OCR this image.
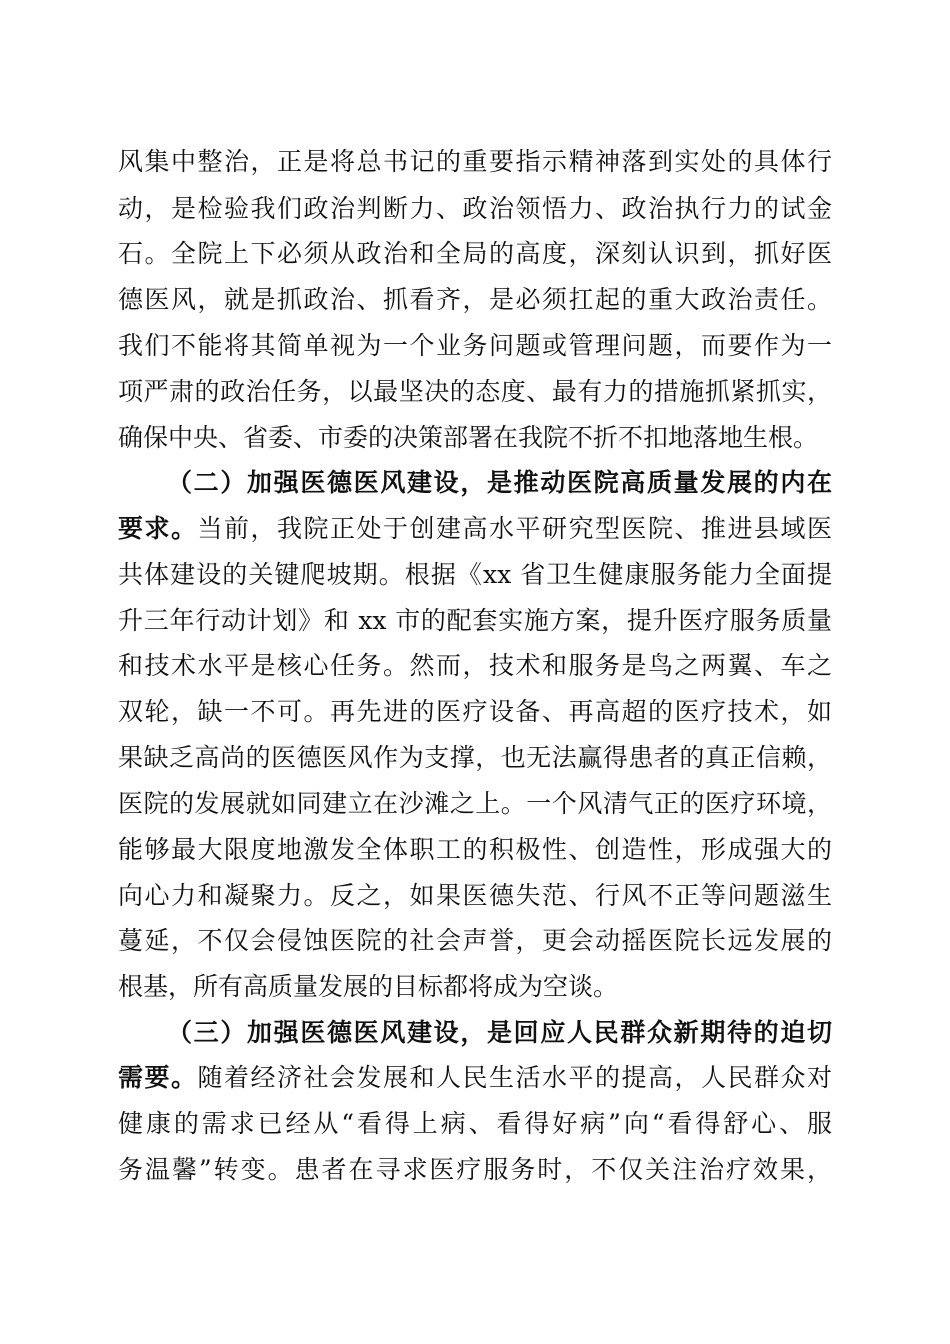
风集中整治，正是将总书记的重要指示精神落到实处的具体行
动，是检验我们政治判断力、政治领悟力、政治执行力的试金
石。全院上下必须从政治和全局的高度，深刻认识到，抓好医
德医风，就是抓政治、抓看齐，是必须扛起的重大政治责任。
我们不能将其简单视为一个业务问题或管理问题，而要作为一
项严肃的政治任务，以最坚决的态度、最有力的措施抓紧抓实，
确保中央、省委、市委的决策部署在我院不折不扣地落地生根。
（二）加强医德医风建设，是推动医院高质量发展的内在
要求。当前，我院正处于创建高水平研究型医院、推进县域医
共体建设的关键爬坡期。根据《xx 省卫生健康服务能力全面提
升三年行动计划》和 xx 市的配套实施方案，提升医疗服务质量
和技术水平是核心任务。然而，技术和服务是鸟之两翼、车之
双轮，缺一不可。再先进的医疗设备、再高超的医疗技术，如
果缺乏高尚的医德医风作为支撑，也无法赢得患者的真正信赖，
医院的发展就如同建立在沙滩之上。一个风清气正的医疗环境，
能够最大限度地激发全体职工的积极性、创造性，形成强大的
向心力和凝聚力。反之，如果医德失范、行风不正等问题滋生
蔓延，不仅会侵蚀医院的社会声誉，更会动摇医院长远发展的
根基，所有高质量发展的目标都将成为空谈。
（三）加强医德医风建设，是回应人民群众新期待的迫切
需要。随着经济社会发展和人民生活水平的提高，人民群众对
健康的需求已经从“看得上病、看得好病”向“看得舒心、服
务温馨”转变。患者在寻求医疗服务时，不仅关注治疗效果，
